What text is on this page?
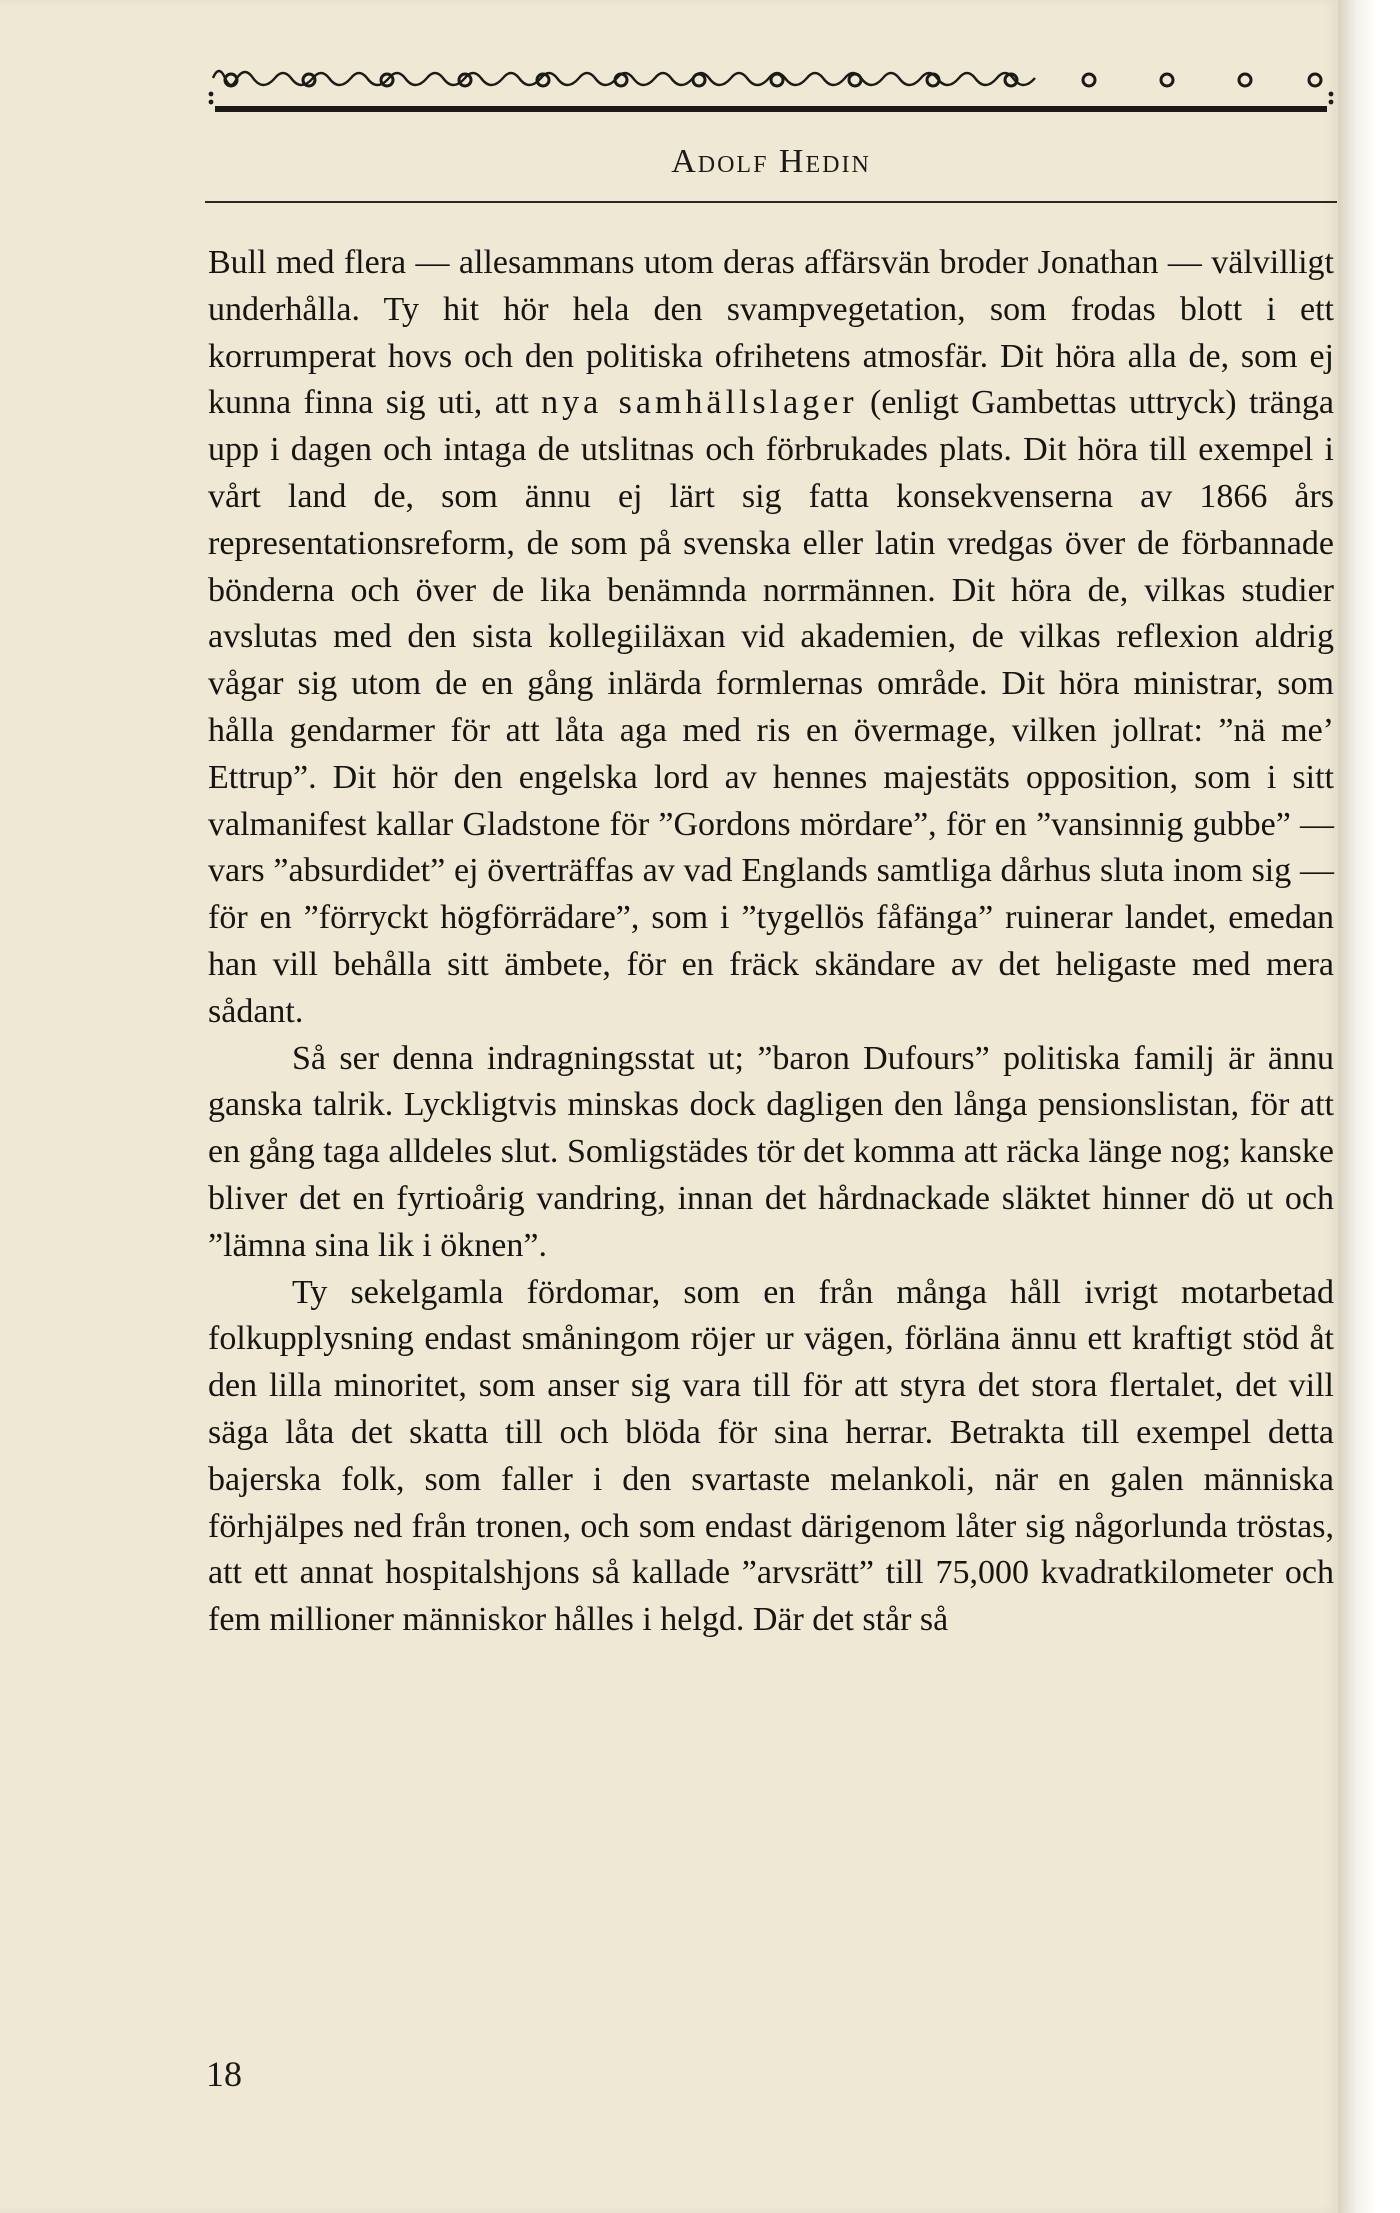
Adolf Hedin

Bull med flera — allesammans utom deras affärsvän broder Jonathan — välvilligt underhålla. Ty hit hör hela den svampvegetation, som frodas blott i ett korrumperat hovs och den politiska ofrihetens atmosfär. Dit höra alla de, som ej kunna finna sig uti, att nya samhällslager (enligt Gambettas uttryck) tränga upp i dagen och intaga de utslitnas och förbrukades plats. Dit höra till exempel i vårt land de, som ännu ej lärt sig fatta konsekvenserna av 1866 års representationsreform, de som på svenska eller latin vredgas över de förbannade bönderna och över de lika benämnda norrmännen. Dit höra de, vilkas studier avslutas med den sista kollegiiläxan vid akademien, de vilkas reflexion aldrig vågar sig utom de en gång inlärda formlernas område. Dit höra ministrar, som hålla gendarmer för att låta aga med ris en övermage, vilken jollrat: ”nä me’ Ettrup”. Dit hör den engelska lord av hennes majestäts opposition, som i sitt valmanifest kallar Gladstone för ”Gordons mördare”, för en ”vansinnig gubbe” — vars ”absurdidet” ej överträffas av vad Englands samtliga dårhus sluta inom sig — för en ”förryckt högförrädare”, som i ”tygellös fåfänga” ruinerar landet, emedan han vill behålla sitt ämbete, för en fräck skändare av det heligaste med mera sådant.

Så ser denna indragningsstat ut; ”baron Dufours” politiska familj är ännu ganska talrik. Lyckligtvis minskas dock dagligen den långa pensionslistan, för att en gång taga alldeles slut. Somligstädes tör det komma att räcka länge nog; kanske bliver det en fyrtioårig vandring, innan det hårdnackade släktet hinner dö ut och ”lämna sina lik i öknen”.

Ty sekelgamla fördomar, som en från många håll ivrigt motarbetad folkupplysning endast småningom röjer ur vägen, förläna ännu ett kraftigt stöd åt den lilla minoritet, som anser sig vara till för att styra det stora flertalet, det vill säga låta det skatta till och blöda för sina herrar. Betrakta till exempel detta bajerska folk, som faller i den svartaste melankoli, när en galen människa förhjälpes ned från tronen, och som endast därigenom låter sig någorlunda tröstas, att ett annat hospitalshjons så kallade ”arvsrätt” till 75,000 kvadratkilometer och fem millioner människor hålles i helgd. Där det står så

18
